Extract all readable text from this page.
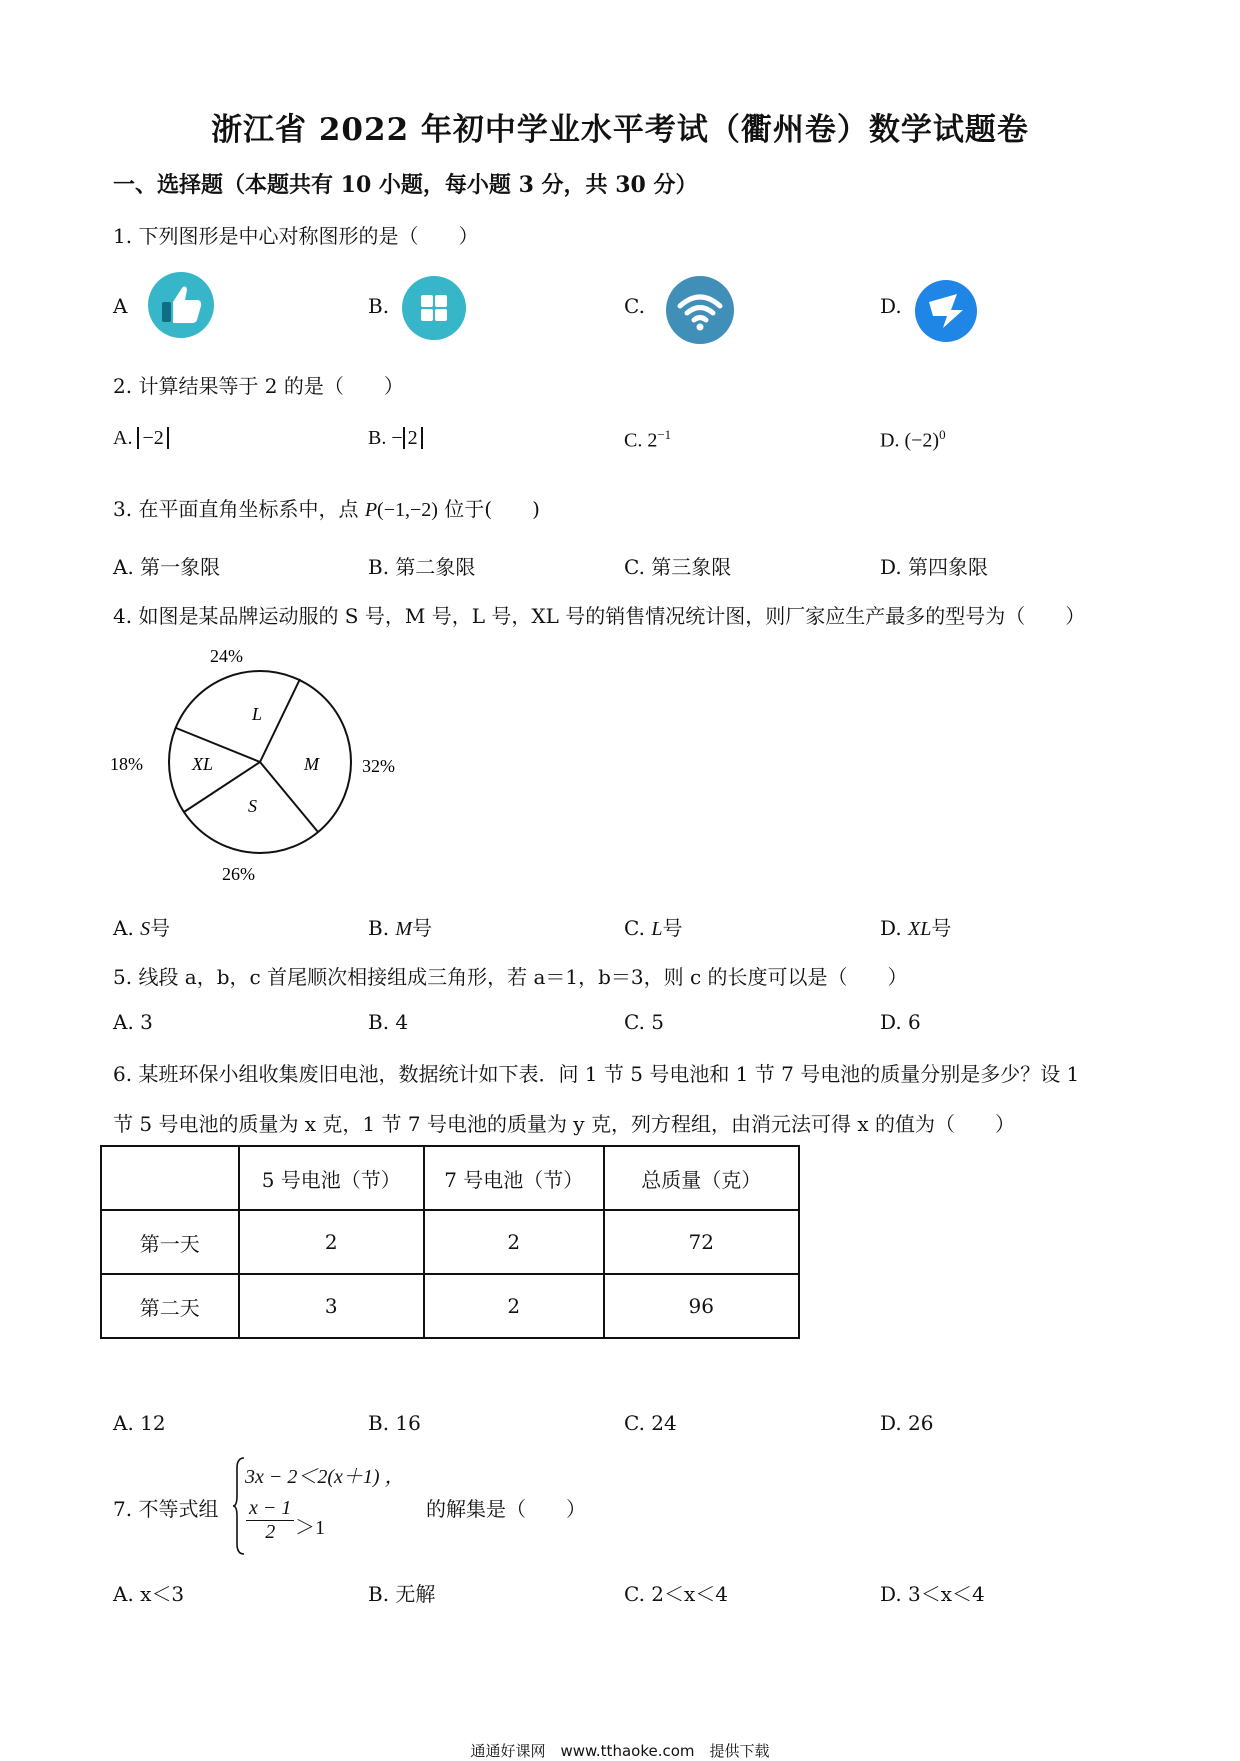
浙江省 2022 年初中学业水平考试（衢州卷）数学试题卷
一、选择题（本题共有 10 小题，每小题 3 分，共 30 分）
1. 下列图形是中心对称图形的是（　　）
A	B.	C.	D.
2. 计算结果等于 2 的是（　　）
A. −2	B. − 2	C. $2^{-1}$	D. $(-2)^0$
3. 在平面直角坐标系中，点 P(−1,−2) 位于(　　)
A. 第一象限	B. 第二象限	C. 第三象限	D. 第四象限
4. 如图是某品牌运动服的 S 号，M 号，L 号，XL 号的销售情况统计图，则厂家应生产最多的型号为（　　）
L
M
S
XL
24%
32%
26%
18%
A. S号	B. M号	C. L号	D. XL号
5. 线段 a，b，c 首尾顺次相接组成三角形，若 a＝1，b＝3，则 c 的长度可以是（　　）
A. 3	B. 4	C. 5	D. 6
6. 某班环保小组收集废旧电池，数据统计如下表．问 1 节 5 号电池和 1 节 7 号电池的质量分别是多少？设 1
节 5 号电池的质量为 x 克，1 节 7 号电池的质量为 y 克，列方程组，由消元法可得 x 的值为（　　）
	5 号电池（节）	7 号电池（节）	总质量（克）
第一天	2	2	72
第二天	3	2	96
A. 12	B. 16	C. 24	D. 26
7. 不等式组
3x − 2＜2(x＋1) ，
$\frac{x - 1}{2} >1$
的解集是（　　）
A. x＜3	B. 无解	C. 2＜x＜4	D. 3＜x＜4
通通好课网　www.tthaoke.com　提供下载
